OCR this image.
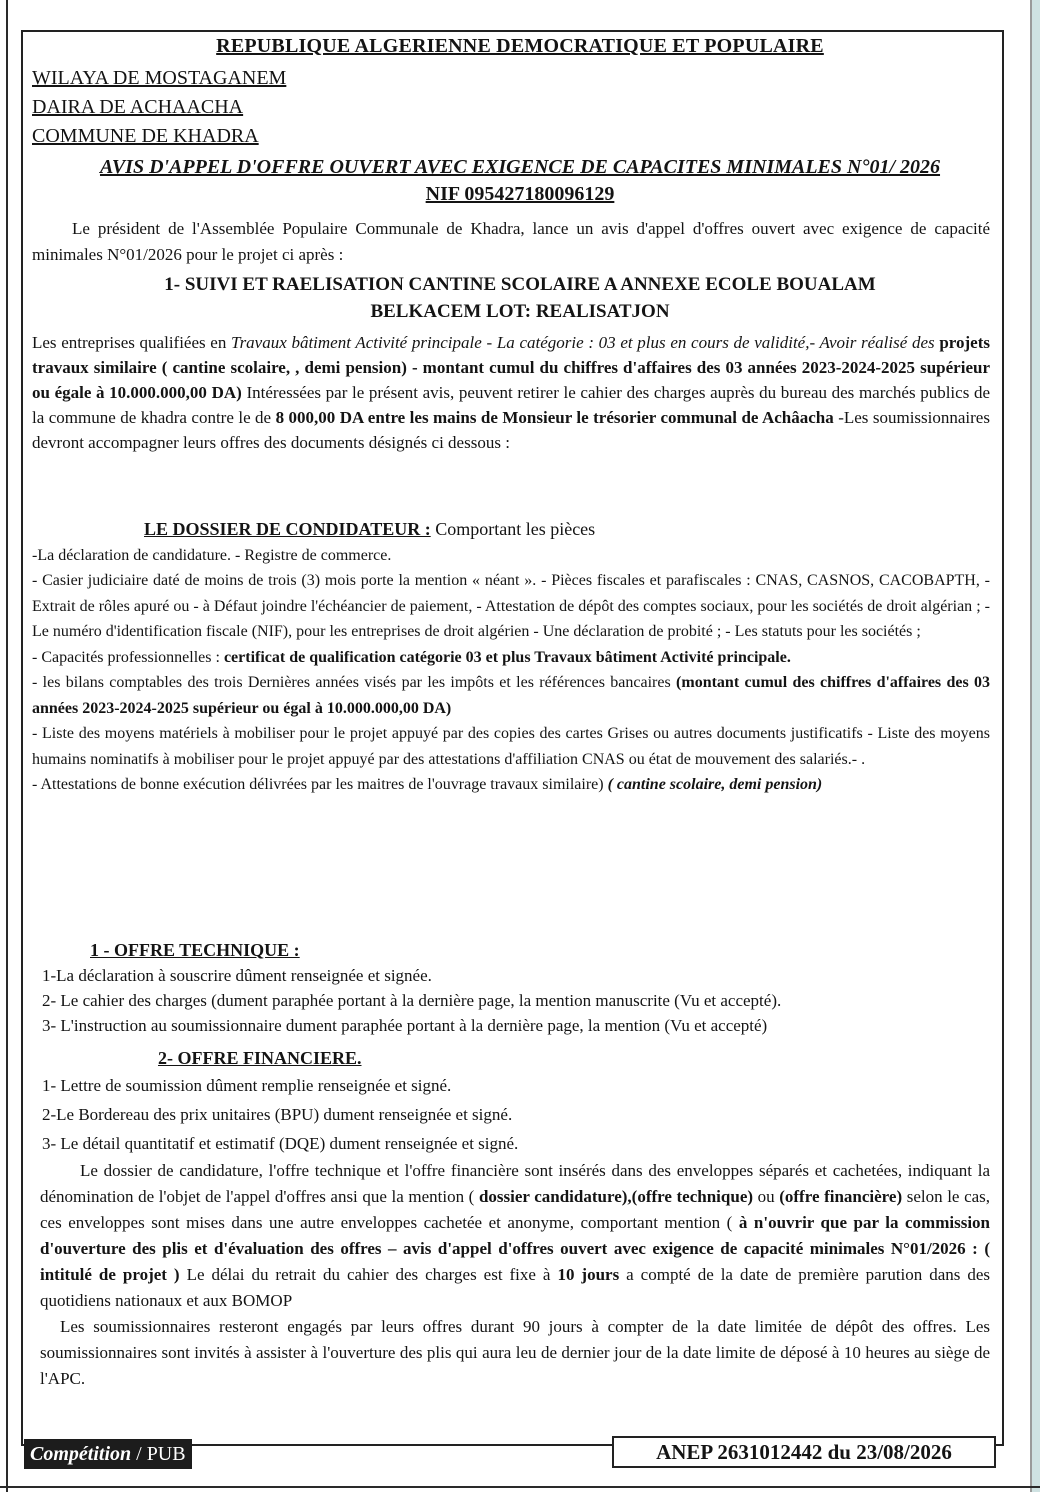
REPUBLIQUE ALGERIENNE DEMOCRATIQUE ET POPULAIRE
WILAYA DE MOSTAGANEM
DAIRA DE ACHAACHA
COMMUNE DE KHADRA
AVIS D'APPEL D'OFFRE OUVERT AVEC EXIGENCE DE CAPACITES MINIMALES N°01/ 2026
NIF 095427180096129

Le président de l'Assemblée Populaire Communale de Khadra, lance un avis d'appel d'offres ouvert avec exigence de capacité minimales N°01/2026 pour le projet ci après :

1- SUIVI ET RAELISATION CANTINE SCOLAIRE A ANNEXE ECOLE BOUALAM
BELKACEM LOT: REALISATJON

Les entreprises qualifiées en Travaux bâtiment Activité principale - La catégorie : 03 et plus en cours de validité,- Avoir réalisé des projets travaux similaire ( cantine scolaire, , demi pension) - montant cumul du chiffres d'affaires des 03 années 2023-2024-2025 supérieur ou égale à 10.000.000,00 DA) Intéressées par le présent avis, peuvent retirer le cahier des charges auprès du bureau des marchés publics de la commune de khadra contre le de 8 000,00 DA entre les mains de Monsieur le trésorier communal de Achâacha -Les soumissionnaires devront accompagner leurs offres des documents désignés ci dessous :

LE DOSSIER DE CONDIDATEUR : Comportant les pièces

-La déclaration de candidature. - Registre de commerce.

- Casier judiciaire daté de moins de trois (3) mois porte la mention « néant ». - Pièces fiscales et parafiscales : CNAS, CASNOS, CACOBAPTH, - Extrait de rôles apuré ou - à Défaut joindre l'échéancier de paiement, - Attestation de dépôt des comptes sociaux, pour les sociétés de droit algérian ; - Le numéro d'identification fiscale (NIF), pour les entreprises de droit algérien - Une déclaration de probité ; - Les statuts pour les sociétés ;

- Capacités professionnelles : certificat de qualification catégorie 03 et plus Travaux bâtiment Activité principale.

- les bilans comptables des trois Dernières années visés par les impôts et les références bancaires (montant cumul des chiffres d'affaires des 03 années 2023-2024-2025 supérieur ou égal à 10.000.000,00 DA)

- Liste des moyens matériels à mobiliser pour le projet appuyé par des copies des cartes Grises ou autres documents justificatifs - Liste des moyens humains nominatifs à mobiliser pour le projet appuyé par des attestations d'affiliation CNAS ou état de mouvement des salariés.- .

- Attestations de bonne exécution délivrées par les maitres de l'ouvrage travaux similaire) ( cantine scolaire, demi pension)

1 - OFFRE TECHNIQUE :

1-La déclaration à souscrire dûment renseignée et signée.

2- Le cahier des charges (dument paraphée portant à la dernière page, la mention manuscrite (Vu et accepté).

3- L'instruction au soumissionnaire dument paraphée portant à la dernière page, la mention (Vu et accepté)

2- OFFRE FINANCIERE.

1- Lettre de soumission dûment remplie renseignée et signé.

2-Le Bordereau des prix unitaires (BPU) dument renseignée et signé.

3- Le détail quantitatif et estimatif (DQE) dument renseignée et signé.

Le dossier de candidature, l'offre technique et l'offre financière sont insérés dans des enveloppes séparés et cachetées, indiquant la dénomination de l'objet de l'appel d'offres ansi que la mention ( dossier candidature),(offre technique) ou (offre financière) selon le cas, ces enveloppes sont mises dans une autre enveloppes cachetée et anonyme, comportant mention ( à n'ouvrir que par la commission d'ouverture des plis et d'évaluation des offres – avis d'appel d'offres ouvert avec exigence de capacité minimales N°01/2026 : ( intitulé de projet ) Le délai du retrait du cahier des charges est fixe à 10 jours a compté de la date de première parution dans des quotidiens nationaux et aux BOMOP

Les soumissionnaires resteront engagés par leurs offres durant 90 jours à compter de la date limitée de dépôt des offres. Les soumissionnaires sont invités à assister à l'ouverture des plis qui aura leu de dernier jour de la date limite de déposé à 10 heures au siège de l'APC.

Compétition / PUB	ANEP 2631012442 du 23/08/2026
